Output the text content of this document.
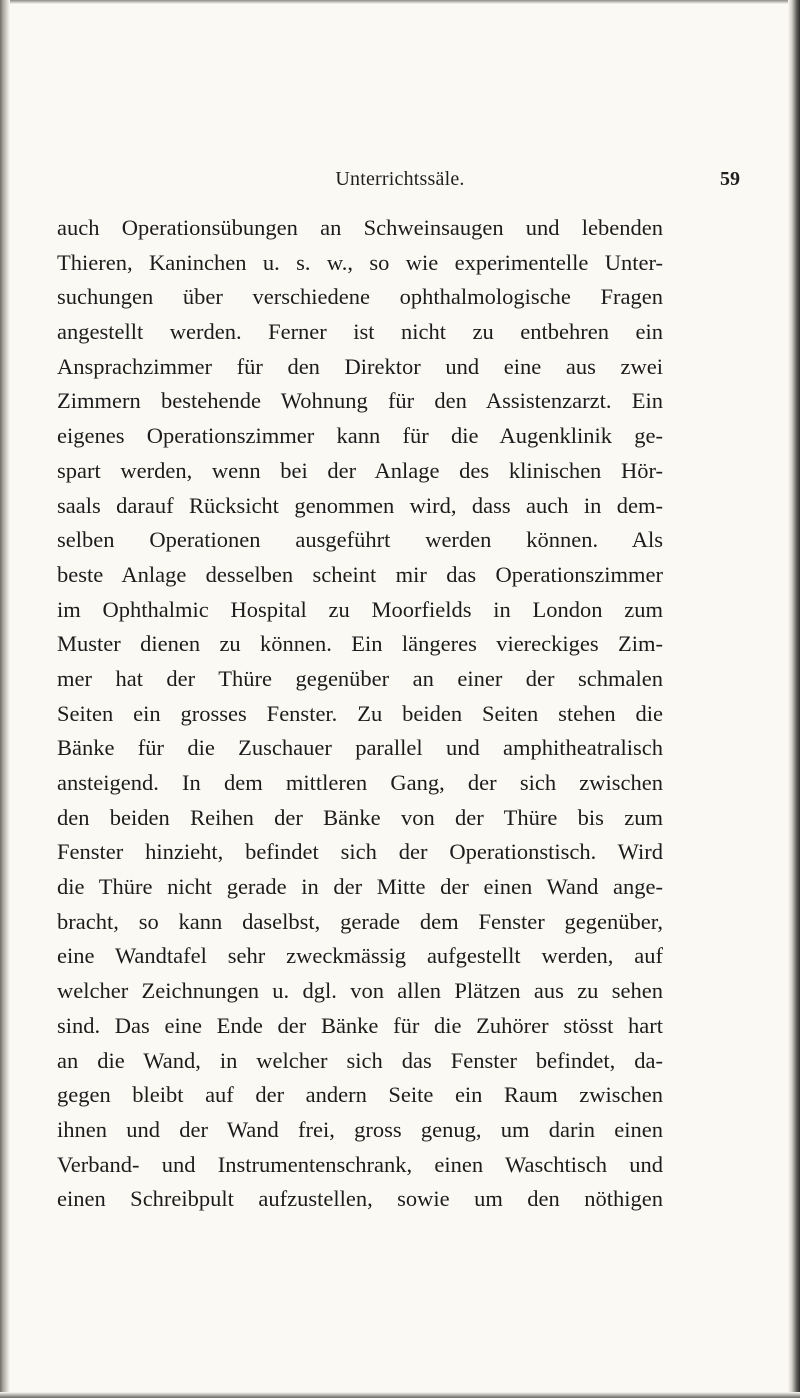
Unterrichtssäle.	59
auch Operationsübungen an Schweinsaugen und lebenden
Thieren, Kaninchen u. s. w., so wie experimentelle Unter-
suchungen über verschiedene ophthalmologische Fragen
angestellt werden. Ferner ist nicht zu entbehren ein
Ansprachzimmer für den Direktor und eine aus zwei
Zimmern bestehende Wohnung für den Assistenzarzt. Ein
eigenes Operationszimmer kann für die Augenklinik ge-
spart werden, wenn bei der Anlage des klinischen Hör-
saals darauf Rücksicht genommen wird, dass auch in dem-
selben Operationen ausgeführt werden können. Als
beste Anlage desselben scheint mir das Operationszimmer
im Ophthalmic Hospital zu Moorfields in London zum
Muster dienen zu können. Ein längeres viereckiges Zim-
mer hat der Thüre gegenüber an einer der schmalen
Seiten ein grosses Fenster. Zu beiden Seiten stehen die
Bänke für die Zuschauer parallel und amphitheatralisch
ansteigend. In dem mittleren Gang, der sich zwischen
den beiden Reihen der Bänke von der Thüre bis zum
Fenster hinzieht, befindet sich der Operationstisch. Wird
die Thüre nicht gerade in der Mitte der einen Wand ange-
bracht, so kann daselbst, gerade dem Fenster gegenüber,
eine Wandtafel sehr zweckmässig aufgestellt werden, auf
welcher Zeichnungen u. dgl. von allen Plätzen aus zu sehen
sind. Das eine Ende der Bänke für die Zuhörer stösst hart
an die Wand, in welcher sich das Fenster befindet, da-
gegen bleibt auf der andern Seite ein Raum zwischen
ihnen und der Wand frei, gross genug, um darin einen
Verband- und Instrumentenschrank, einen Waschtisch und
einen Schreibpult aufzustellen, sowie um den nöthigen
